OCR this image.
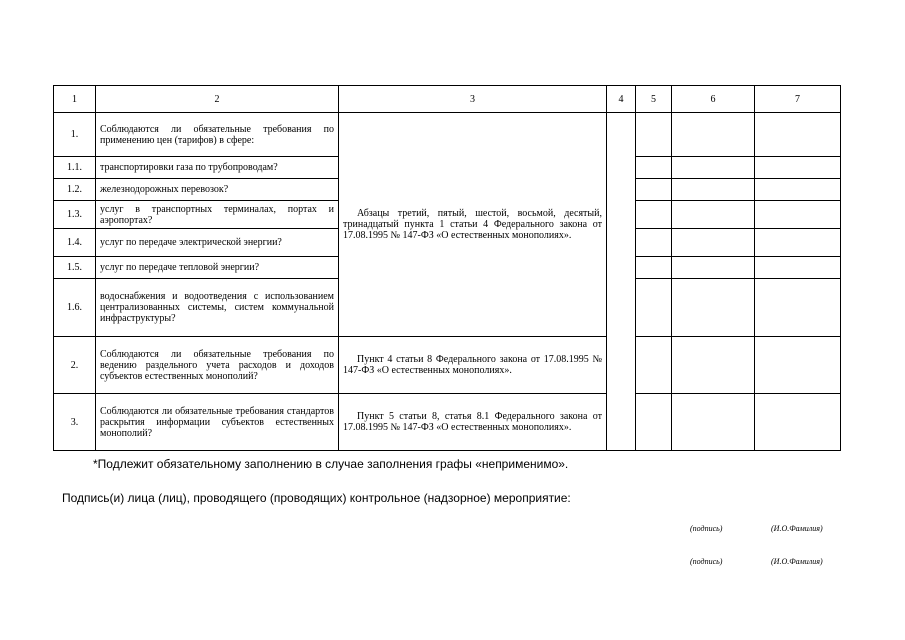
1	2	3	4	5	6	7
1.	Соблюдаются ли обязательные требования по применению цен (тарифов) в сфере:	Абзацы третий, пятый, шестой, восьмой, десятый, тринадцатый пункта 1 статьи 4 Федерального закона от 17.08.1995 № 147-ФЗ «О естественных монополиях».				

1.1.	транспортировки газа по трубопроводам?					
1.2.	железнодорожных перевозок?					
1.3.	услуг в транспортных терминалах, портах и аэропортах?					
1.4.	услуг по передаче электрической энергии?					
1.5.	услуг по передаче тепловой энергии?					
1.6.	водоснабжения и водоотведения с использованием централизованных системы, систем коммунальной инфраструктуры?					
2.	Соблюдаются ли обязательные требования по ведению раздельного учета расходов и доходов субъектов естественных монополий?	Пункт 4 статьи 8 Федерального закона от 17.08.1995 № 147-ФЗ «О естественных монополиях».				

3.	Соблюдаются ли обязательные требования стандартов раскрытия информации субъектов естественных монополий?	Пункт 5 статьи 8, статья 8.1 Федерального закона от 17.08.1995 № 147-ФЗ «О естественных монополиях».				

*Подлежит обязательному заполнению в случае заполнения графы «неприменимо».
Подпись(и) лица (лиц), проводящего (проводящих) контрольное (надзорное) мероприятие:
(подпись)	(И.О.Фамилия)
(подпись)	(И.О.Фамилия)
